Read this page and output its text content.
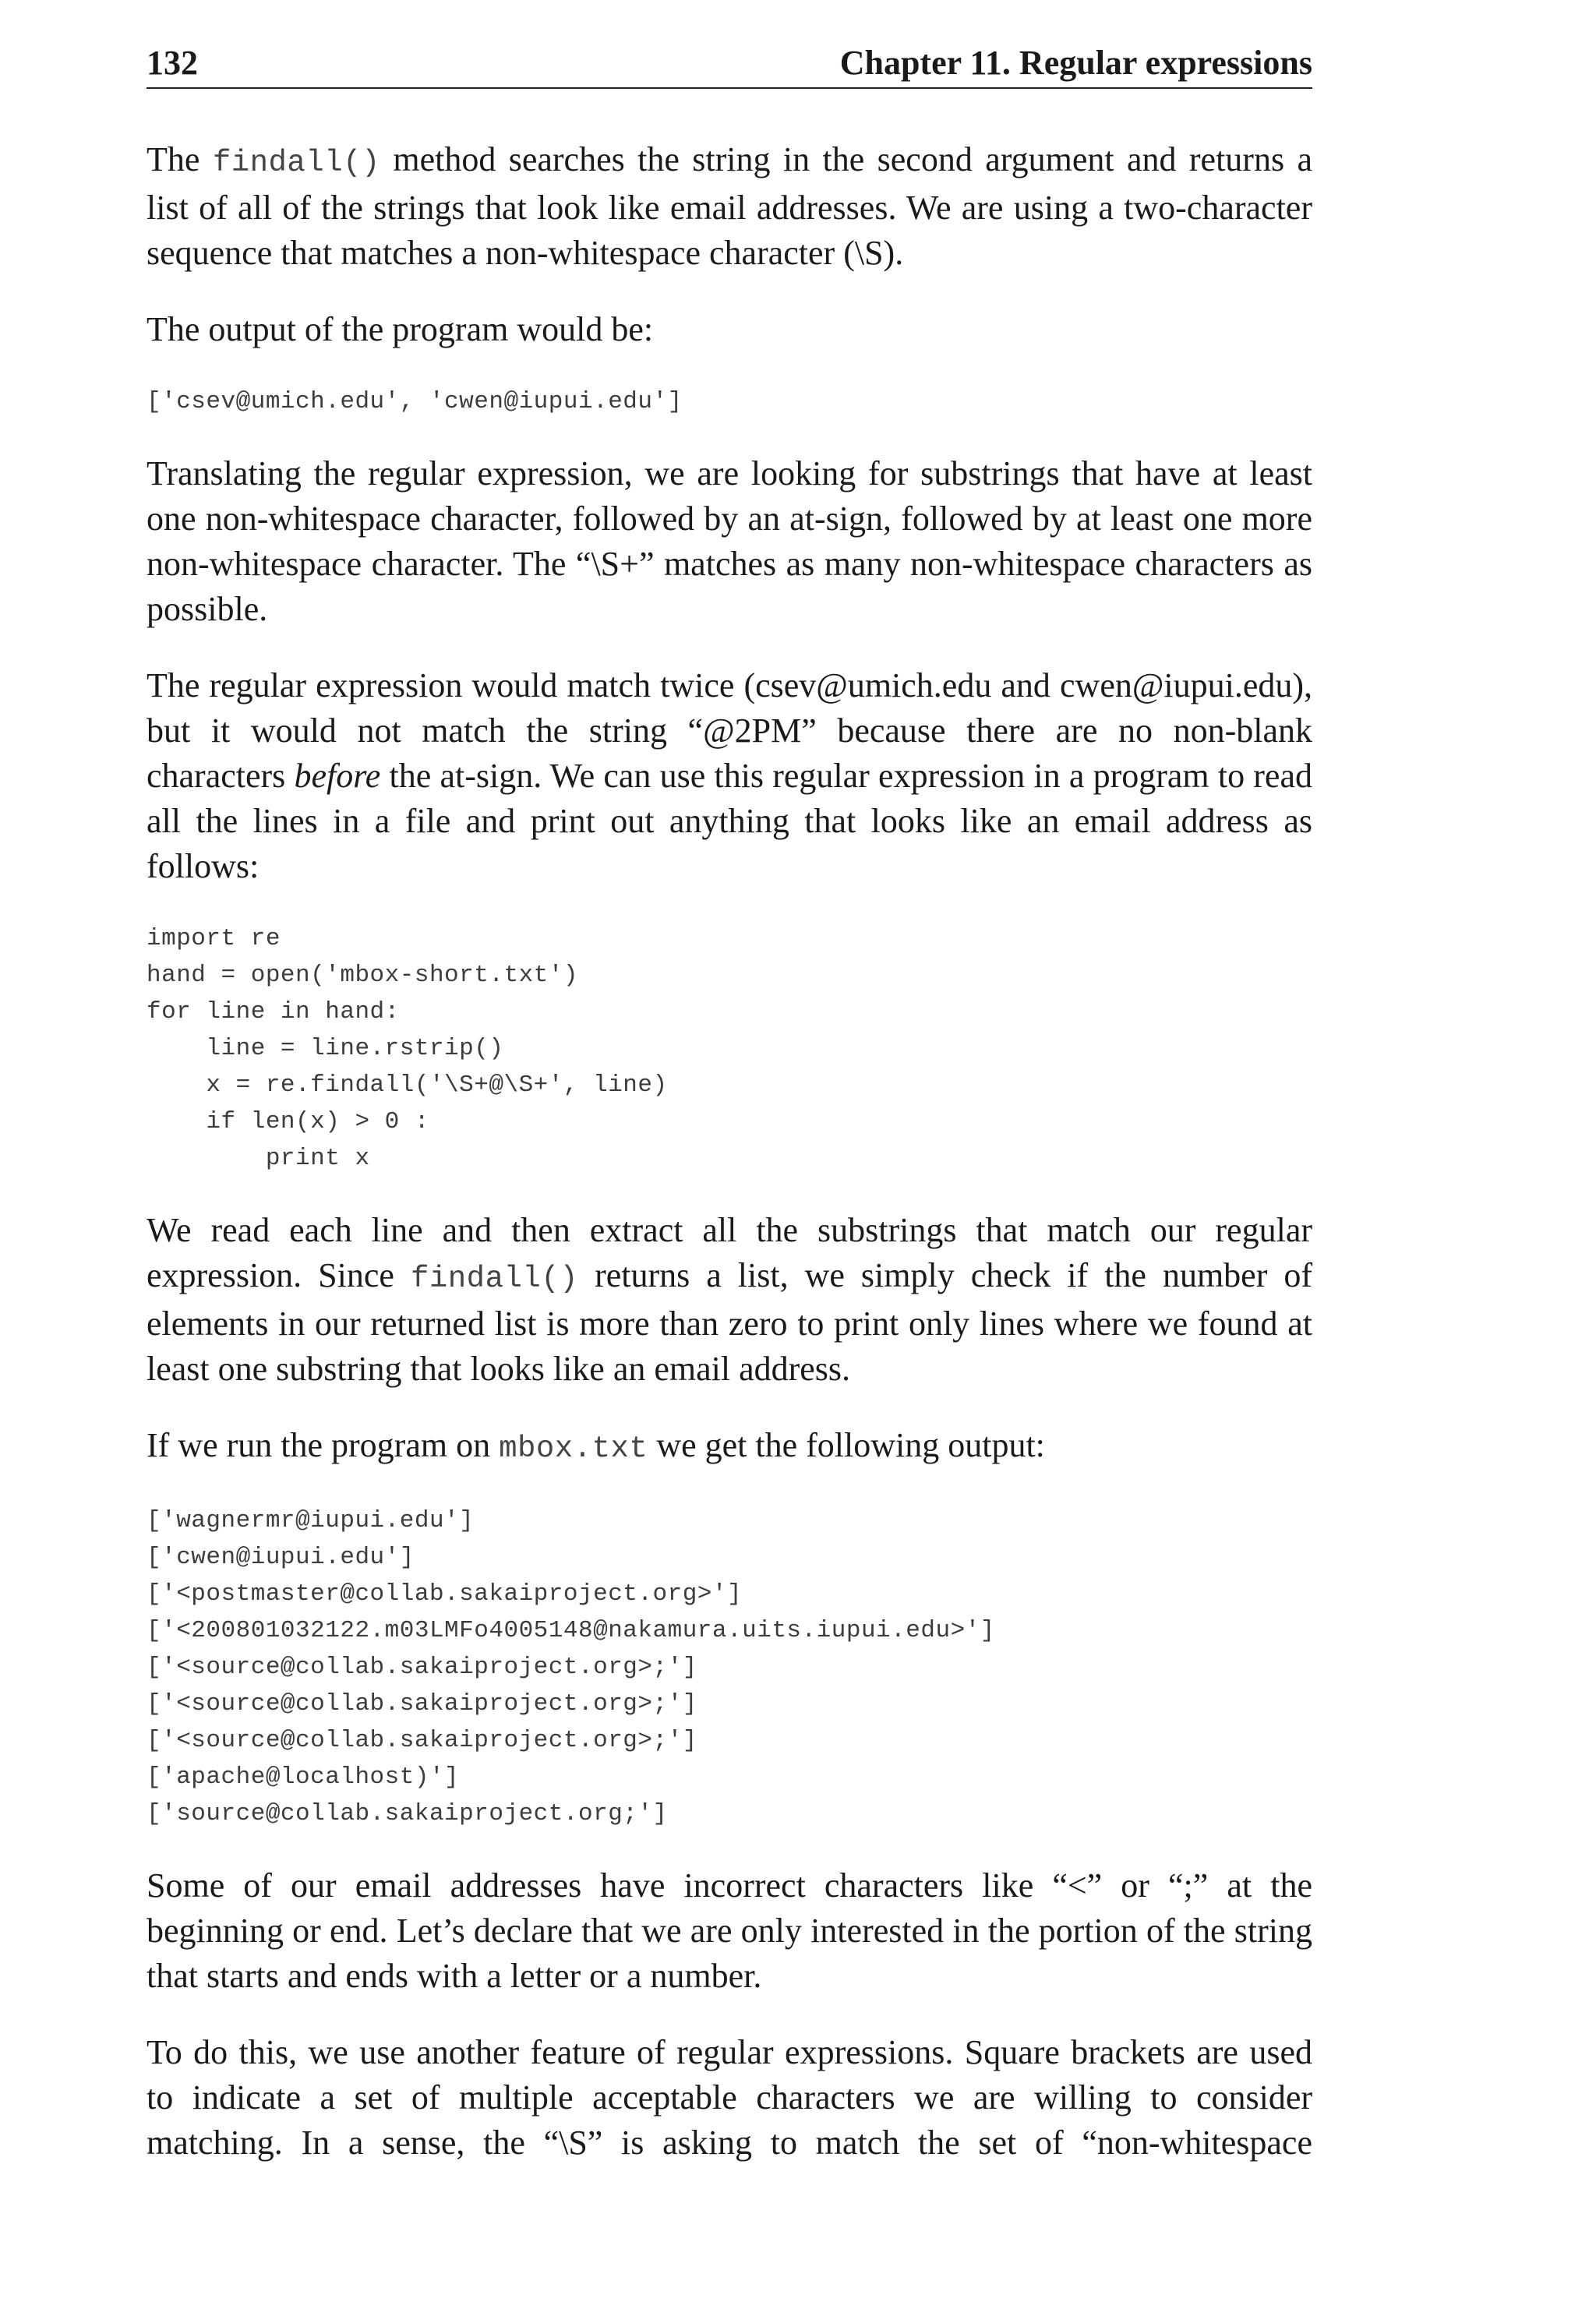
132	Chapter 11. Regular expressions

The findall() method searches the string in the second argument and returns a list of all of the strings that look like email addresses. We are using a two-character sequence that matches a non-whitespace character (\S).

The output of the program would be:

['csev@umich.edu', 'cwen@iupui.edu']

Translating the regular expression, we are looking for substrings that have at least one non-whitespace character, followed by an at-sign, followed by at least one more non-whitespace character. The “\S+” matches as many non-whitespace characters as possible.

The regular expression would match twice (csev@umich.edu and cwen@iupui.edu), but it would not match the string “@2PM” because there are no non-blank characters before the at-sign. We can use this regular expression in a program to read all the lines in a file and print out anything that looks like an email address as follows:

import re
hand = open('mbox-short.txt')
for line in hand:
line = line.rstrip()
x = re.findall('\S+@\S+', line)
if len(x) > 0 :
print x

We read each line and then extract all the substrings that match our regular expression. Since findall() returns a list, we simply check if the number of elements in our returned list is more than zero to print only lines where we found at least one substring that looks like an email address.

If we run the program on mbox.txt we get the following output:

['wagnermr@iupui.edu']
['cwen@iupui.edu']
['<postmaster@collab.sakaiproject.org>']
['<200801032122.m03LMFo4005148@nakamura.uits.iupui.edu>']
['<source@collab.sakaiproject.org>;']
['<source@collab.sakaiproject.org>;']
['<source@collab.sakaiproject.org>;']
['apache@localhost)']
['source@collab.sakaiproject.org;']

Some of our email addresses have incorrect characters like “<” or “;” at the beginning or end. Let’s declare that we are only interested in the portion of the string that starts and ends with a letter or a number.

To do this, we use another feature of regular expressions. Square brackets are used to indicate a set of multiple acceptable characters we are willing to consider matching. In a sense, the “\S” is asking to match the set of “non-whitespace
